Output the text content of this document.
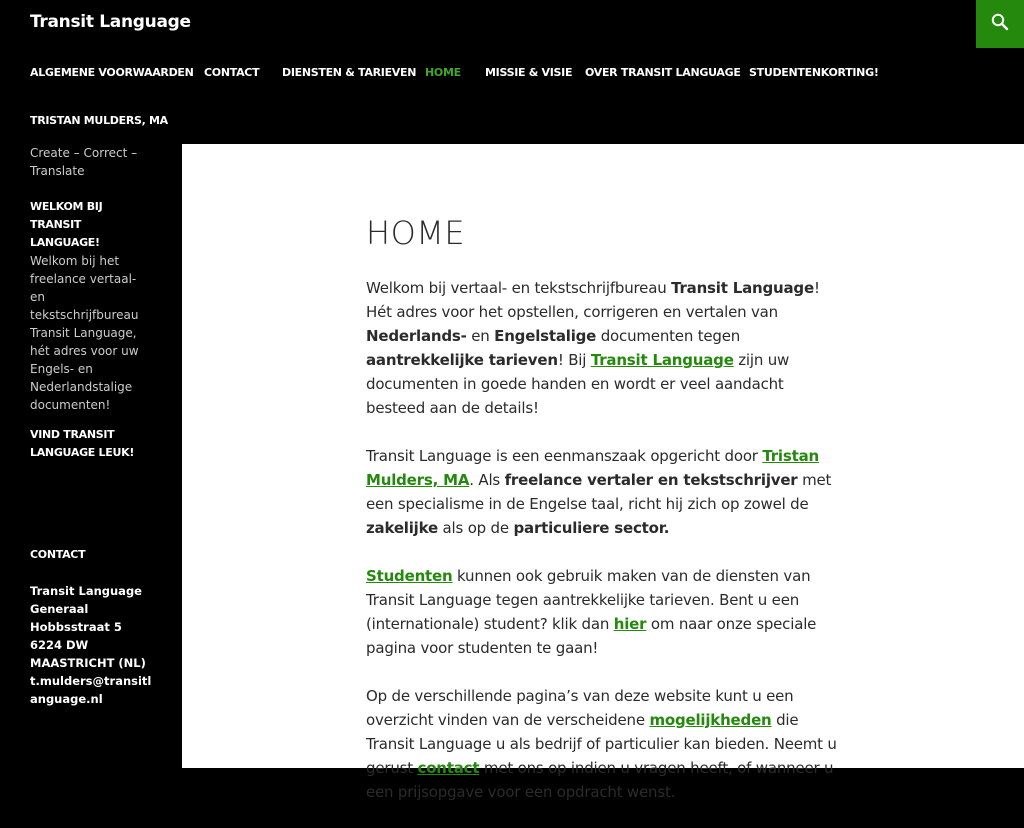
Transit Language
ALGEMENE VOORWAARDEN CONTACT DIENSTEN & TARIEVEN HOME MISSIE & VISIE OVER TRANSIT LANGUAGE STUDENTENKORTING!
TRISTAN MULDERS, MA
Create – Correct – Translate
WELKOM BIJ TRANSIT LANGUAGE!
Welkom bij het freelance vertaal- en tekstschrijfbureau Transit Language, hét adres voor uw Engels- en Nederlandstalige documenten!
VIND TRANSIT LANGUAGE LEUK!
CONTACT
Transit Language
Generaal Hobbsstraat 5
6224 DW MAASTRICHT (NL)
t.mulders@transitlanguage.nl
HOME

Welkom bij vertaal- en tekstschrijfbureau Transit Language! Hét adres voor het opstellen, corrigeren en vertalen van Nederlands- en Engelstalige documenten tegen aantrekkelijke tarieven! Bij Transit Language zijn uw documenten in goede handen en wordt er veel aandacht besteed aan de details!

Transit Language is een eenmanszaak opgericht door Tristan Mulders, MA. Als freelance vertaler en tekstschrijver met een specialisme in de Engelse taal, richt hij zich op zowel de zakelijke als op de particuliere sector.

Studenten kunnen ook gebruik maken van de diensten van Transit Language tegen aantrekkelijke tarieven. Bent u een (internationale) student? klik dan hier om naar onze speciale pagina voor studenten te gaan!

Op de verschillende pagina’s van deze website kunt u een overzicht vinden van de verscheidene mogelijkheden die Transit Language u als bedrijf of particulier kan bieden. Neemt u gerust contact met ons op indien u vragen heeft, of wanneer u een prijsopgave voor een opdracht wenst.
